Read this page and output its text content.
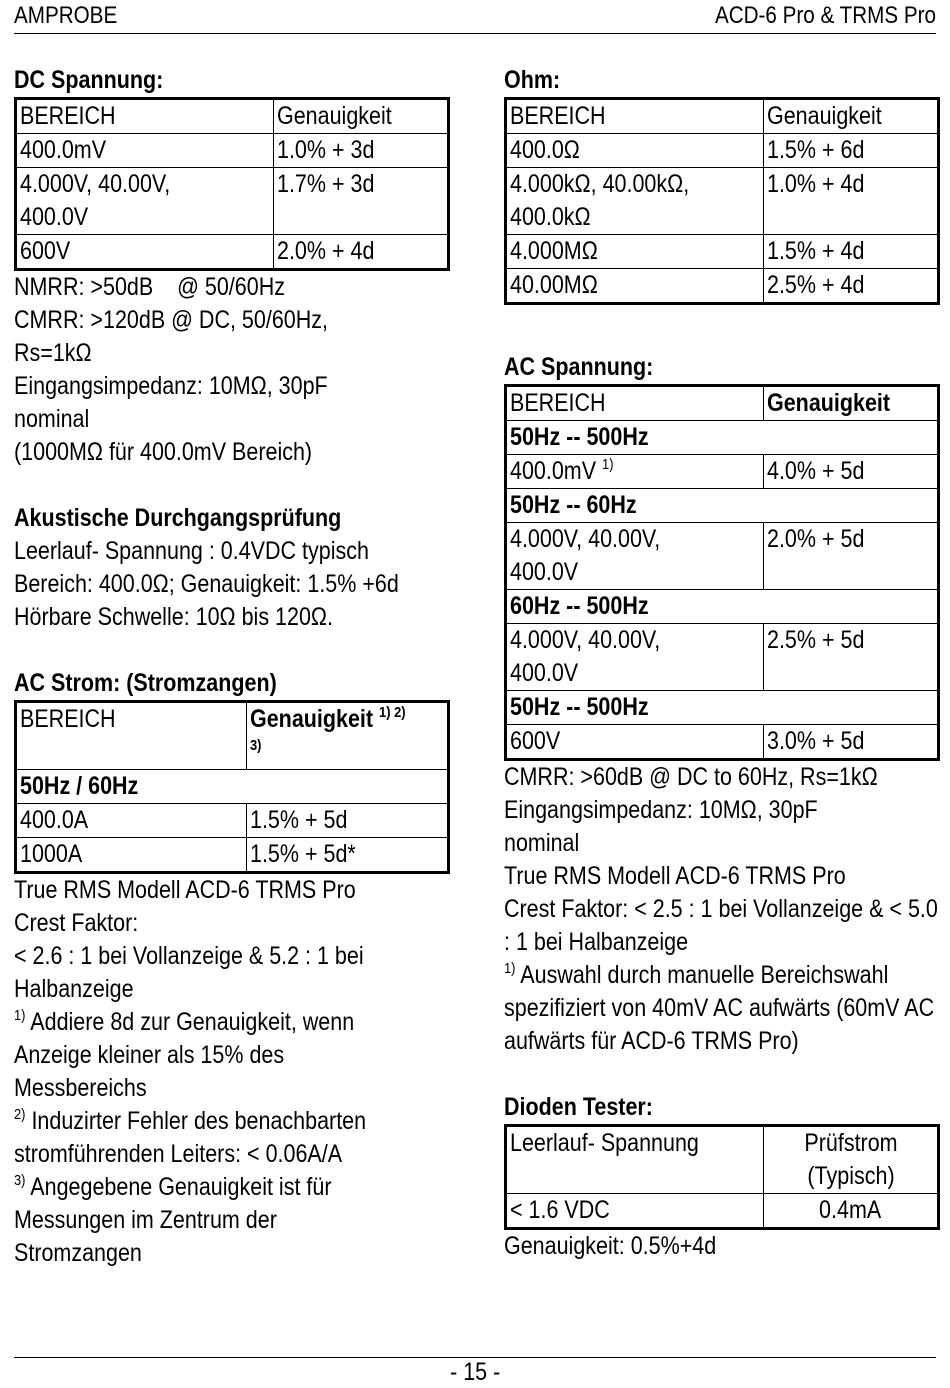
AMPROBE	ACD-6 Pro & TRMS Pro
DC Spannung:
BEREICH	Genauigkeit

400.0mV	1.0% + 3d

4.000V, 40.00V, 400.0V	1.7% + 3d

600V	2.0% + 4d
NMRR: >50dB    @ 50/60Hz
CMRR: >120dB @ DC, 50/60Hz, Rs=1kΩ
Eingangsimpedanz: 10MΩ, 30pF nominal
(1000MΩ für 400.0mV Bereich)
Akustische Durchgangsprüfung
Leerlauf- Spannung : 0.4VDC typisch
Bereich: 400.0Ω; Genauigkeit: 1.5% +6d
Hörbare Schwelle: 10Ω bis 120Ω.
AC Strom: (Stromzangen)
BEREICH	Genauigkeit $^{1) 2) 3)}$

50Hz / 60Hz	

400.0A	1.5% + 5d

1000A	1.5% + 5d*
True RMS Modell ACD-6 TRMS Pro
Crest Faktor:
< 2.6 : 1 bei Vollanzeige & 5.2 : 1 bei Halbanzeige
$^{1)}$ Addiere 8d zur Genauigkeit, wenn Anzeige kleiner als 15% des Messbereichs
$^{2)}$ Induzirter Fehler des benachbarten stromführenden Leiters: < 0.06A/A
$^{3)}$ Angegebene Genauigkeit ist für Messungen im Zentrum der Stromzangen
Ohm:
BEREICH	Genauigkeit

400.0Ω	1.5% + 6d

4.000kΩ, 40.00kΩ, 400.0kΩ	1.0% + 4d

4.000MΩ	1.5% + 4d

40.00MΩ	2.5% + 4d
AC Spannung:
BEREICH	Genauigkeit

50Hz -- 500Hz	

400.0mV $^{1)}$	4.0% + 5d

50Hz -- 60Hz	

4.000V, 40.00V, 400.0V	2.0% + 5d

60Hz -- 500Hz	

4.000V, 40.00V, 400.0V	2.5% + 5d

50Hz -- 500Hz	

600V	3.0% + 5d
CMRR: >60dB @ DC to 60Hz, Rs=1kΩ
Eingangsimpedanz: 10MΩ, 30pF nominal
True RMS Modell ACD-6 TRMS Pro
Crest Faktor: < 2.5 : 1 bei Vollanzeige & < 5.0 : 1 bei Halbanzeige
$^{1)}$ Auswahl durch manuelle Bereichswahl spezifiziert von 40mV AC aufwärts (60mV AC aufwärts für ACD-6 TRMS Pro)
Dioden Tester:
Leerlauf- Spannung	Prüfstrom (Typisch)

< 1.6 VDC	0.4mA
Genauigkeit: 0.5%+4d
- 15 -
